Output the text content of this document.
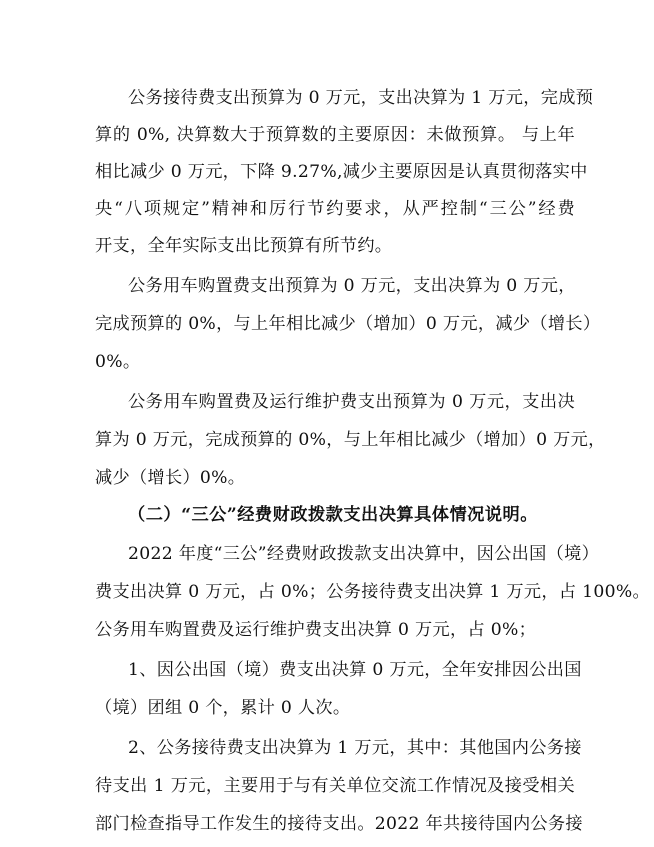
公务接待费支出预算为 0 万元，支出决算为 1 万元，完成预
算的 0%, 决算数大于预算数的主要原因：未做预算。 与上年
相比减少 0 万元，下降 9.27%,减少主要原因是认真贯彻落实中
央“八项规定”精神和厉行节约要求，从严控制“三公”经费
开支，全年实际支出比预算有所节约。
公务用车购置费支出预算为 0 万元，支出决算为 0 万元，
完成预算的 0%，与上年相比减少（增加）0 万元，减少（增长）
0%。
公务用车购置费及运行维护费支出预算为 0 万元，支出决
算为 0 万元，完成预算的 0%，与上年相比减少（增加）0 万元，
减少（增长）0%。
（二）“三公”经费财政拨款支出决算具体情况说明。
2022 年度“三公”经费财政拨款支出决算中，因公出国（境）
费支出决算 0 万元，占 0%；公务接待费支出决算 1 万元，占 100%。
公务用车购置费及运行维护费支出决算 0 万元，占 0%；
1、因公出国（境）费支出决算 0 万元，全年安排因公出国
（境）团组 0 个，累计 0 人次。
2、公务接待费支出决算为 1 万元，其中：其他国内公务接
待支出 1 万元，主要用于与有关单位交流工作情况及接受相关
部门检查指导工作发生的接待支出。2022 年共接待国内公务接
